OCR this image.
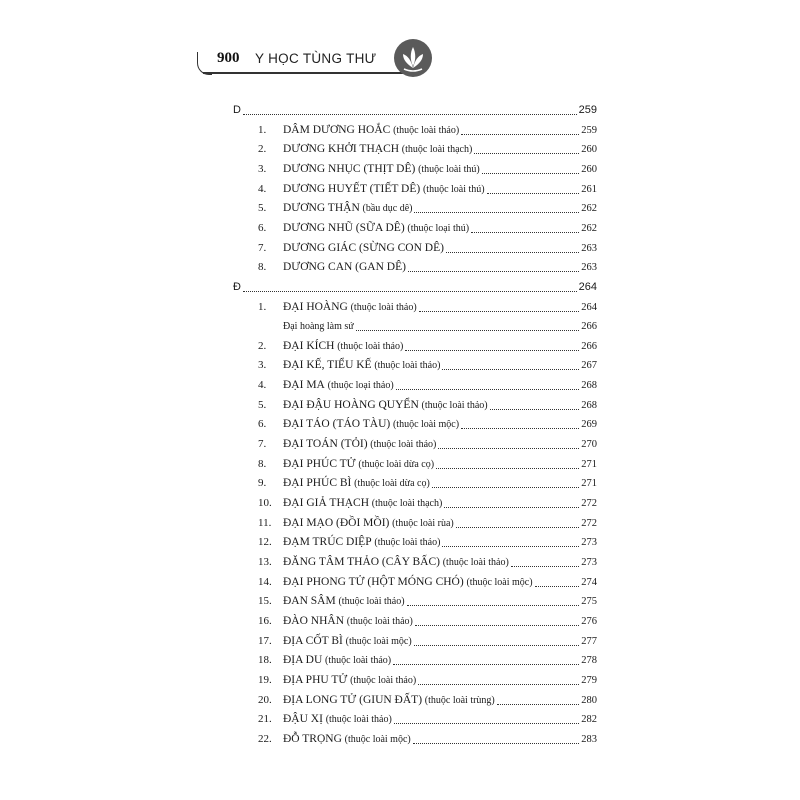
900 Y HỌC TÙNG THƯ
D	259
1.	DÂM DƯƠNG HOẮC (thuộc loài thảo)	259
2.	DƯƠNG KHỞI THẠCH (thuộc loài thạch)	260
3.	DƯƠNG NHỤC (THỊT DÊ) (thuộc loài thú)	260
4.	DƯƠNG HUYẾT (TIẾT DÊ) (thuộc loài thú)	261
5.	DƯƠNG THẬN (bầu dục dê)	262
6.	DƯƠNG NHŨ (SỮA DÊ) (thuộc loại thú)	262
7.	DƯƠNG GIÁC (SỪNG CON DÊ)	263
8.	DƯƠNG CAN (GAN DÊ)	263
Đ	264
1.	ĐẠI HOÀNG (thuộc loài thảo)	264
Đại hoàng làm sứ	266
2.	ĐẠI KÍCH (thuộc loài thảo)	266
3.	ĐẠI KẾ, TIỂU KẾ (thuộc loài thảo)	267
4.	ĐẠI MA (thuộc loại thảo)	268
5.	ĐẠI ĐẬU HOÀNG QUYỂN (thuộc loài thảo)	268
6.	ĐẠI TÁO (TÁO TÀU) (thuộc loài mộc)	269
7.	ĐẠI TOÁN (TỎI) (thuộc loài thảo)	270
8.	ĐẠI PHÚC TỬ (thuộc loài dừa cọ)	271
9.	ĐẠI PHÚC BÌ (thuộc loài dừa cọ)	271
10. ĐẠI GIẢ THẠCH (thuộc loài thạch)	272
11.	ĐẠI MẠO (ĐỒI MỒI) (thuộc loài rùa)	272
12. ĐẠM TRÚC DIỆP (thuộc loài thảo)	273
13. ĐĂNG TÂM THẢO (CÂY BẤC) (thuộc loài thảo)	273
14. ĐẠI PHONG TỬ (HỘT MÓNG CHÓ) (thuộc loài mộc)	274
15. ĐAN SÂM (thuộc loài thảo)	275
16. ĐÀO NHÂN (thuộc loài thảo)	276
17. ĐỊA CỐT BÌ (thuộc loài mộc)	277
18. ĐỊA DU (thuộc loài thảo)	278
19. ĐỊA PHU TỬ (thuộc loài thảo)	279
20. ĐỊA LONG TỬ (GIUN ĐẤT) (thuộc loài trùng)	280
21. ĐẬU XỊ (thuộc loài thảo)	282
22. ĐỖ TRỌNG (thuộc loài mộc)	283
